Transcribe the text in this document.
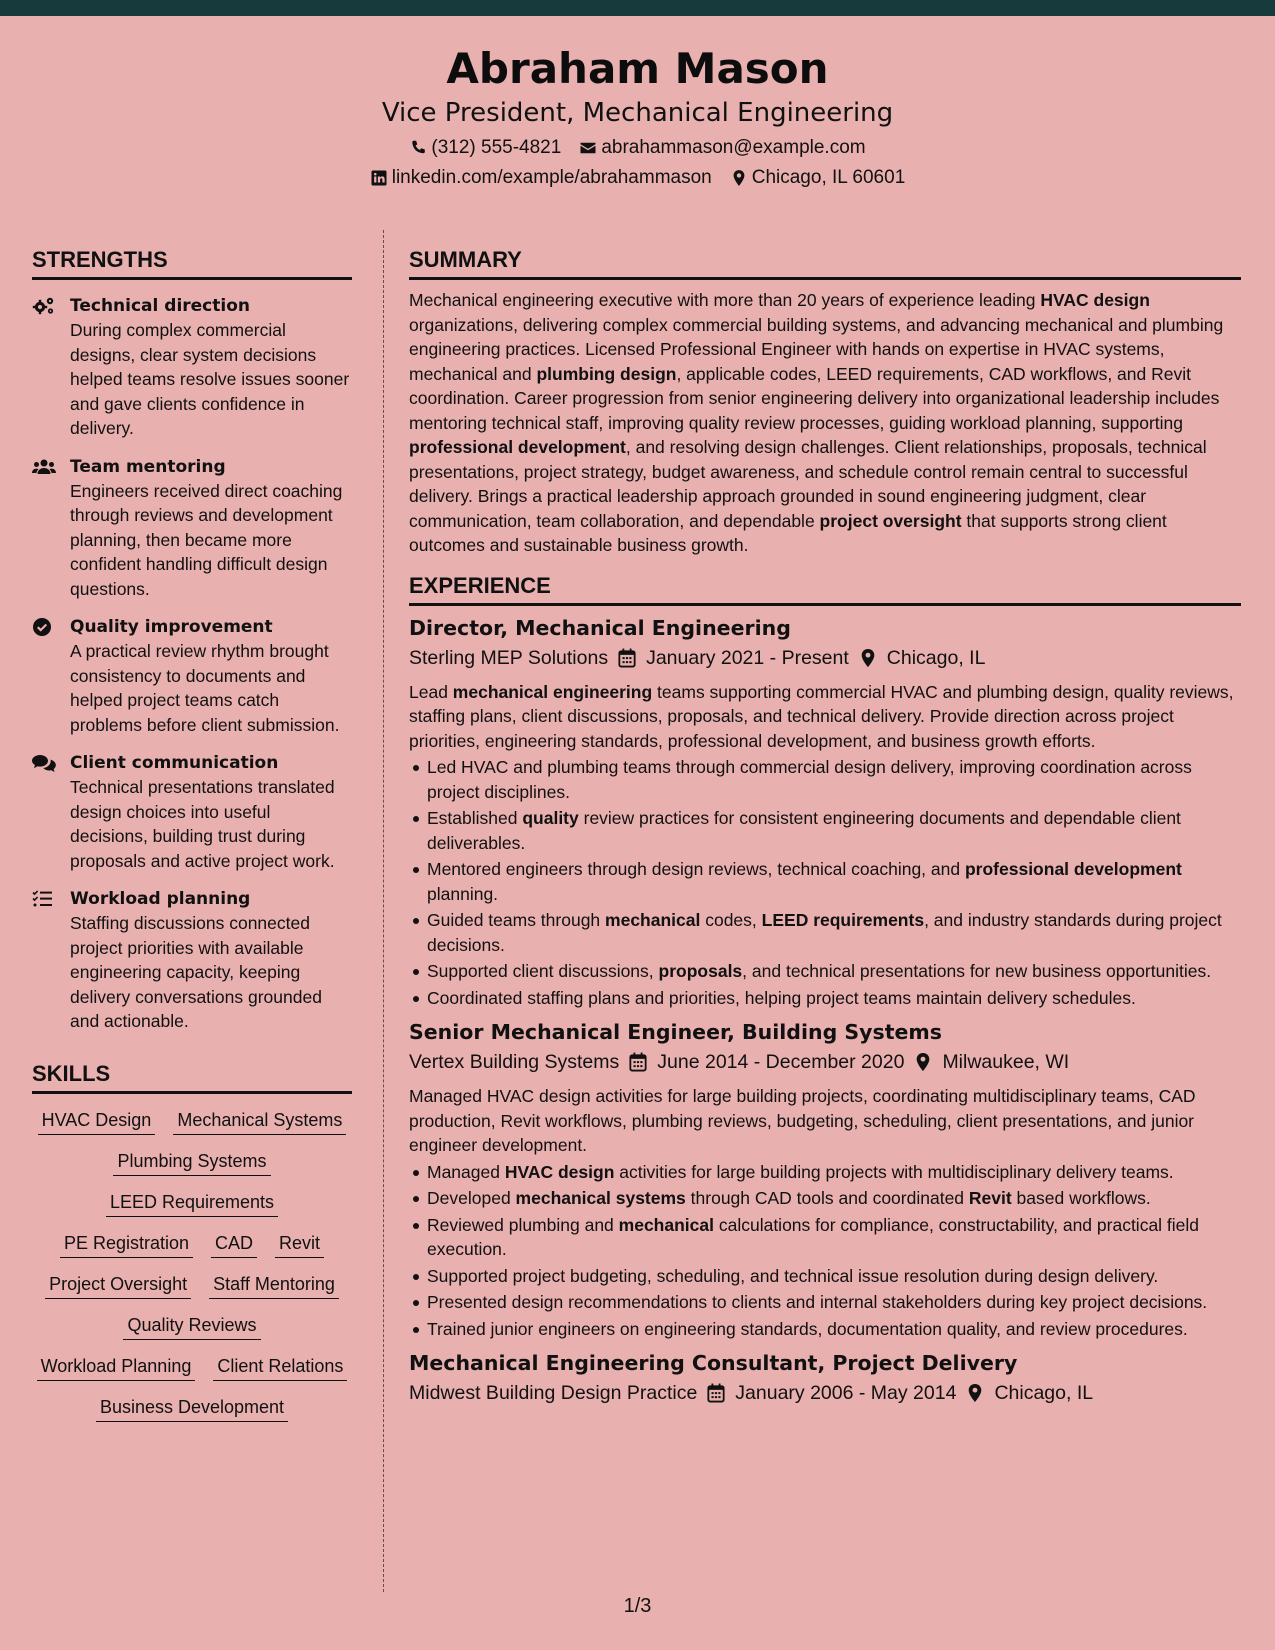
Abraham Mason
Vice President, Mechanical Engineering
(312) 555-4821 abrahammason@example.com
linkedin.com/example/abrahammason Chicago, IL 60601
STRENGTHS
Technical direction
During complex commercial designs, clear system decisions helped teams resolve issues sooner and gave clients confidence in delivery.
Team mentoring
Engineers received direct coaching through reviews and development planning, then became more confident handling difficult design questions.
Quality improvement
A practical review rhythm brought consistency to documents and helped project teams catch problems before client submission.
Client communication
Technical presentations translated design choices into useful decisions, building trust during proposals and active project work.
Workload planning
Staffing discussions connected project priorities with available engineering capacity, keeping delivery conversations grounded and actionable.
SKILLS
HVAC Design Mechanical Systems
Plumbing Systems
LEED Requirements
PE Registration CAD Revit
Project Oversight Staff Mentoring
Quality Reviews
Workload Planning Client Relations
Business Development
SUMMARY

Mechanical engineering executive with more than 20 years of experience leading HVAC design organizations, delivering complex commercial building systems, and advancing mechanical and plumbing engineering practices. Licensed Professional Engineer with hands on expertise in HVAC systems, mechanical and plumbing design, applicable codes, LEED requirements, CAD workflows, and Revit coordination. Career progression from senior engineering delivery into organizational leadership includes mentoring technical staff, improving quality review processes, guiding workload planning, supporting professional development, and resolving design challenges. Client relationships, proposals, technical presentations, project strategy, budget awareness, and schedule control remain central to successful delivery. Brings a practical leadership approach grounded in sound engineering judgment, clear communication, team collaboration, and dependable project oversight that supports strong client outcomes and sustainable business growth.

EXPERIENCE
Director, Mechanical Engineering
Sterling MEP Solutions January 2021 - Present Chicago, IL

Lead mechanical engineering teams supporting commercial HVAC and plumbing design, quality reviews, staffing plans, client discussions, proposals, and technical delivery. Provide direction across project priorities, engineering standards, professional development, and business growth efforts.

Led HVAC and plumbing teams through commercial design delivery, improving coordination across project disciplines.
Established quality review practices for consistent engineering documents and dependable client deliverables.
Mentored engineers through design reviews, technical coaching, and professional development planning.
Guided teams through mechanical codes, LEED requirements, and industry standards during project decisions.
Supported client discussions, proposals, and technical presentations for new business opportunities.
Coordinated staffing plans and priorities, helping project teams maintain delivery schedules.
Senior Mechanical Engineer, Building Systems
Vertex Building Systems June 2014 - December 2020 Milwaukee, WI

Managed HVAC design activities for large building projects, coordinating multidisciplinary teams, CAD production, Revit workflows, plumbing reviews, budgeting, scheduling, client presentations, and junior engineer development.

Managed HVAC design activities for large building projects with multidisciplinary delivery teams.
Developed mechanical systems through CAD tools and coordinated Revit based workflows.
Reviewed plumbing and mechanical calculations for compliance, constructability, and practical field execution.
Supported project budgeting, scheduling, and technical issue resolution during design delivery.
Presented design recommendations to clients and internal stakeholders during key project decisions.
Trained junior engineers on engineering standards, documentation quality, and review procedures.
Mechanical Engineering Consultant, Project Delivery
Midwest Building Design Practice January 2006 - May 2014 Chicago, IL
1/3
